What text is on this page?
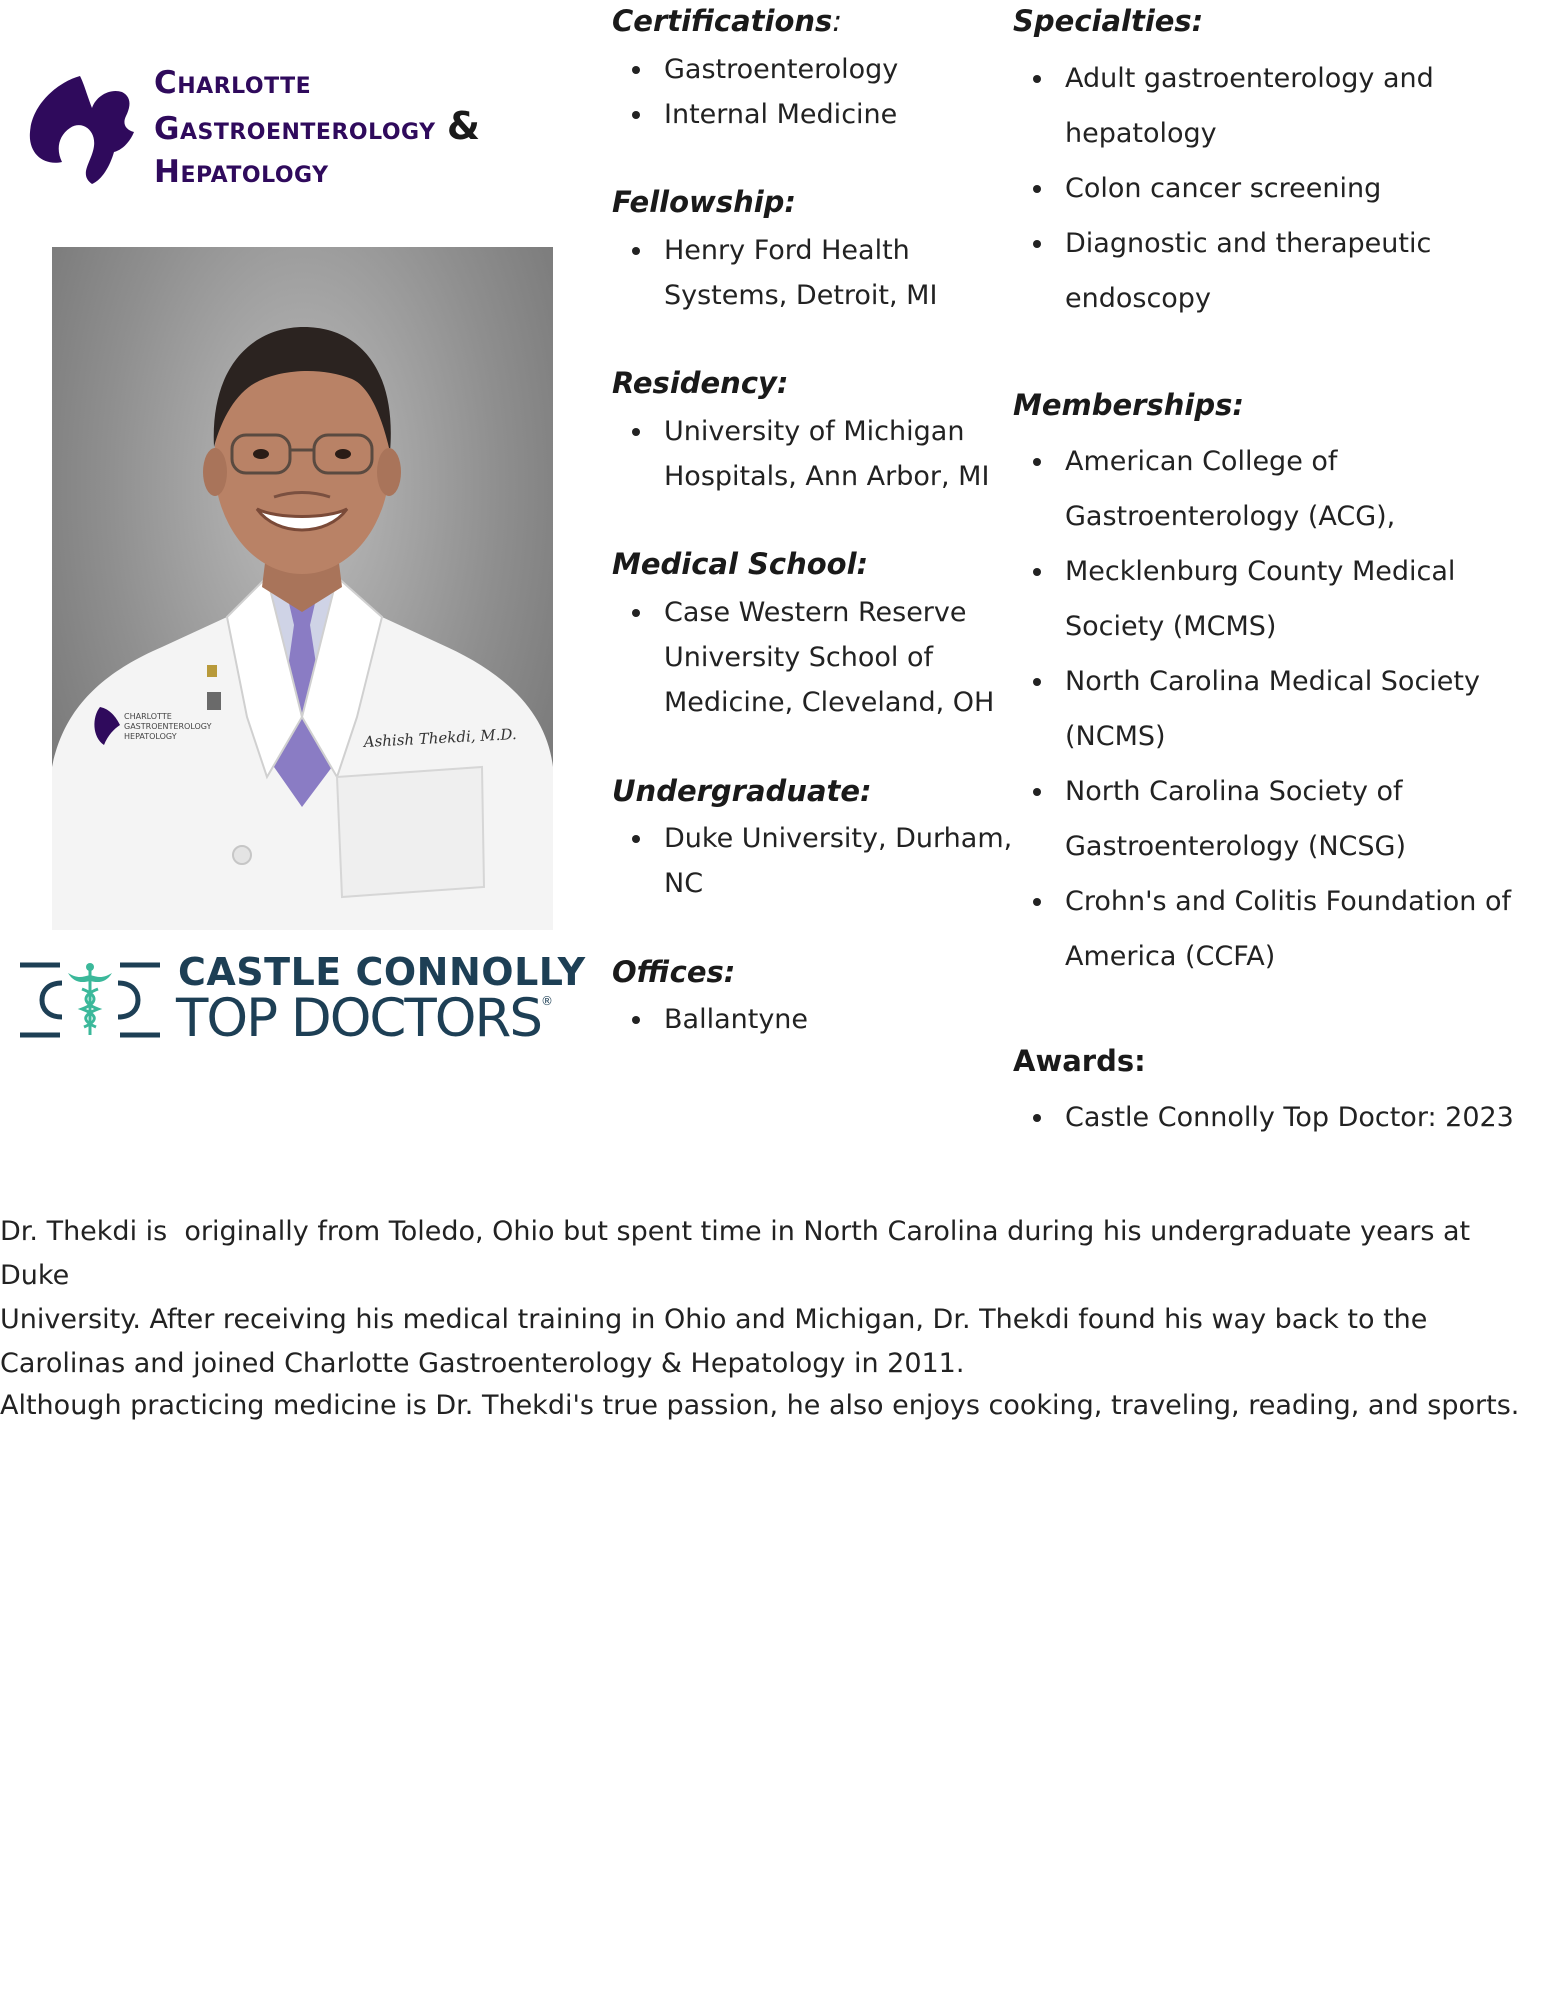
Charlotte
Gastroenterology &
Hepatology
CHARLOTTE
GASTROENTEROLOGY
HEPATOLOGY	Ashish Thekdi, M.D.
CASTLE CONNOLLY
TOP DOCTORS®
Certifications:
Gastroenterology
Internal Medicine
Fellowship:
Henry Ford Health
Systems, Detroit, MI
Residency:
University of Michigan
Hospitals, Ann Arbor, MI
Medical School:
Case Western Reserve
University School of
Medicine, Cleveland, OH
Undergraduate:
Duke University, Durham,
NC
Offices:
Ballantyne
Specialties:
Adult gastroenterology and
hepatology
Colon cancer screening
Diagnostic and therapeutic
endoscopy
Memberships:
American College of
Gastroenterology (ACG),
Mecklenburg County Medical
Society (MCMS)
North Carolina Medical Society
(NCMS)
North Carolina Society of
Gastroenterology (NCSG)
Crohn's and Colitis Foundation of
America (CCFA)
Awards:
Castle Connolly Top Doctor: 2023

Dr. Thekdi is  originally from Toledo, Ohio but spent time in North Carolina during his undergraduate years at Duke
University. After receiving his medical training in Ohio and Michigan, Dr. Thekdi found his way back to the
Carolinas and joined Charlotte Gastroenterology & Hepatology in 2011.

Although practicing medicine is Dr. Thekdi's true passion, he also enjoys cooking, traveling, reading, and sports.
